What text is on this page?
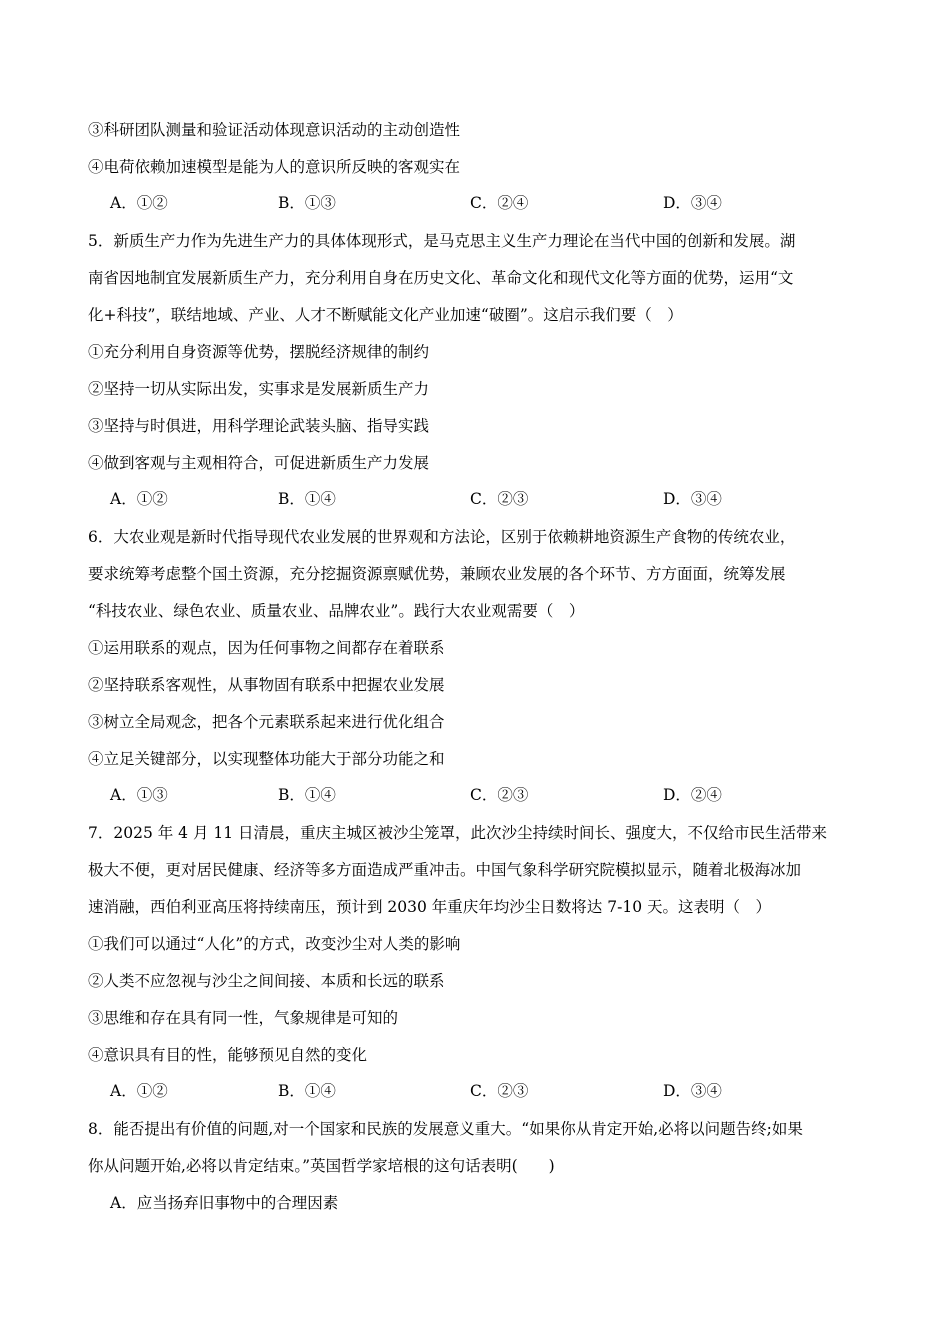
③科研团队测量和验证活动体现意识活动的主动创造性
④电荷依赖加速模型是能为人的意识所反映的客观实在
A．①②	B．①③	C．②④	D．③④
5．新质生产力作为先进生产力的具体体现形式，是马克思主义生产力理论在当代中国的创新和发展。湖
南省因地制宜发展新质生产力，充分利用自身在历史文化、革命文化和现代文化等方面的优势，运用“文
化+科技”，联结地域、产业、人才不断赋能文化产业加速“破圈”。这启示我们要（　）
①充分利用自身资源等优势，摆脱经济规律的制约
②坚持一切从实际出发，实事求是发展新质生产力
③坚持与时俱进，用科学理论武装头脑、指导实践
④做到客观与主观相符合，可促进新质生产力发展
A．①②	B．①④	C．②③	D．③④
6．大农业观是新时代指导现代农业发展的世界观和方法论，区别于依赖耕地资源生产食物的传统农业，
要求统筹考虑整个国土资源，充分挖掘资源禀赋优势，兼顾农业发展的各个环节、方方面面，统筹发展
“科技农业、绿色农业、质量农业、品牌农业”。践行大农业观需要（　）
①运用联系的观点，因为任何事物之间都存在着联系
②坚持联系客观性，从事物固有联系中把握农业发展
③树立全局观念，把各个元素联系起来进行优化组合
④立足关键部分，以实现整体功能大于部分功能之和
A．①③	B．①④	C．②③	D．②④
7．2025 年 4 月 11 日清晨，重庆主城区被沙尘笼罩，此次沙尘持续时间长、强度大，不仅给市民生活带来
极大不便，更对居民健康、经济等多方面造成严重冲击。中国气象科学研究院模拟显示，随着北极海冰加
速消融，西伯利亚高压将持续南压，预计到 2030 年重庆年均沙尘日数将达 7-10 天。这表明（　）
①我们可以通过“人化”的方式，改变沙尘对人类的影响
②人类不应忽视与沙尘之间间接、本质和长远的联系
③思维和存在具有同一性，气象规律是可知的
④意识具有目的性，能够预见自然的变化
A．①②	B．①④	C．②③	D．③④
8．能否提出有价值的问题,对一个国家和民族的发展意义重大。“如果你从肯定开始,必将以问题告终;如果
你从问题开始,必将以肯定结束。”英国哲学家培根的这句话表明(　　)
A．应当扬弃旧事物中的合理因素
